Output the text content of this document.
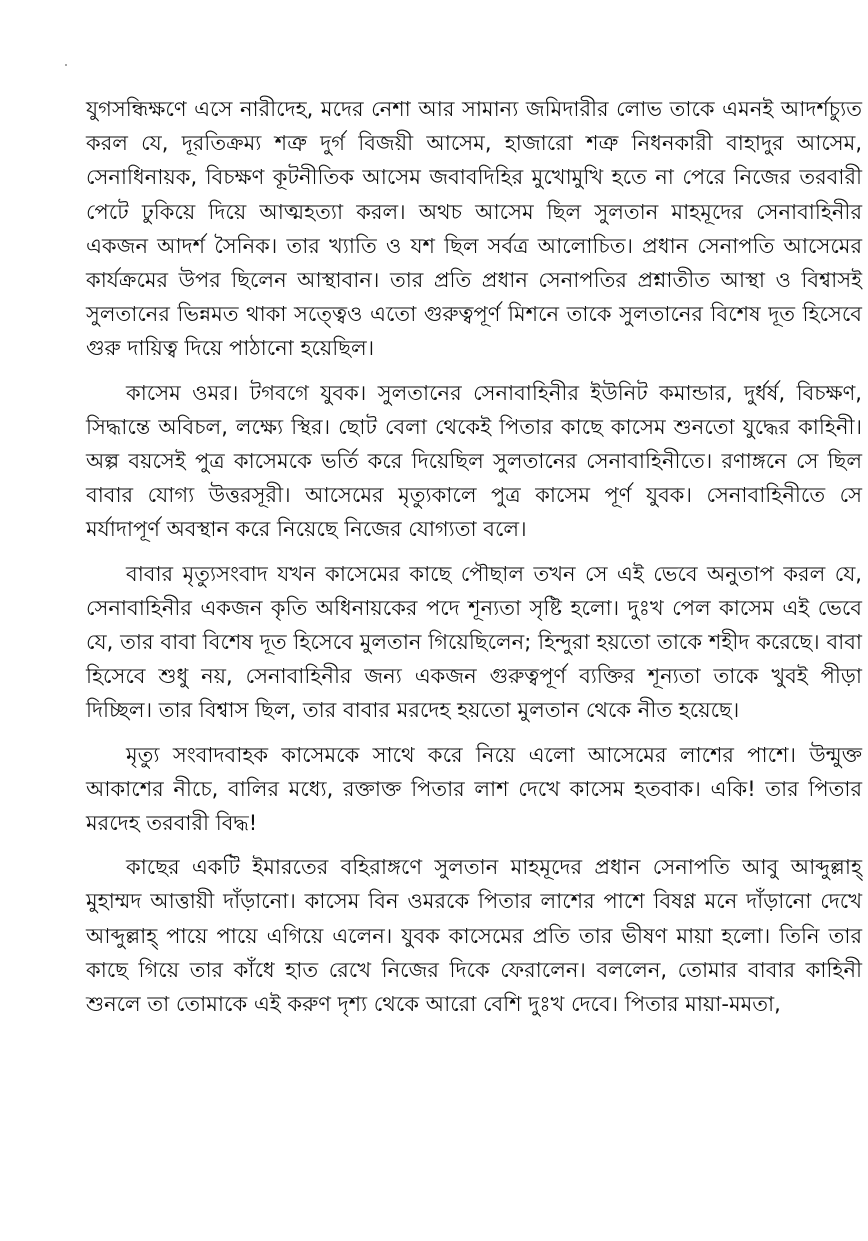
যুগসন্ধিক্ষণে এসে নারীদেহ, মদের নেশা আর সামান্য জমিদারীর লোভ তাকে এমনই আদর্শচ্যুত করল যে, দূরতিক্রম্য শত্রু দুর্গ বিজয়ী আসেম, হাজারো শত্রু নিধনকারী বাহাদুর আসেম, সেনাধিনায়ক, বিচক্ষণ কূটনীতিক আসেম জবাবদিহির মুখোমুখি হতে না পেরে নিজের তরবারী পেটে ঢুকিয়ে দিয়ে আত্মহত্যা করল। অথচ আসেম ছিল সুলতান মাহমূদের সেনাবাহিনীর একজন আদর্শ সৈনিক। তার খ্যাতি ও যশ ছিল সর্বত্র আলোচিত। প্রধান সেনাপতি আসেমের কার্যক্রমের উপর ছিলেন আস্থাবান। তার প্রতি প্রধান সেনাপতির প্রশ্নাতীত আস্থা ও বিশ্বাসই সুলতানের ভিন্নমত থাকা সত্ত্বেও এতো গুরুত্বপূর্ণ মিশনে তাকে সুলতানের বিশেষ দূত হিসেবে গুরু দায়িত্ব দিয়ে পাঠানো হয়েছিল।

কাসেম ওমর। টগবগে যুবক। সুলতানের সেনাবাহিনীর ইউনিট কমান্ডার, দুর্ধর্ষ, বিচক্ষণ, সিদ্ধান্তে অবিচল, লক্ষ্যে স্থির। ছোট বেলা থেকেই পিতার কাছে কাসেম শুনতো যুদ্ধের কাহিনী। অল্প বয়সেই পুত্র কাসেমকে ভর্তি করে দিয়েছিল সুলতানের সেনাবাহিনীতে। রণাঙ্গনে সে ছিল বাবার যোগ্য উত্তরসূরী। আসেমের মৃত্যুকালে পুত্র কাসেম পূর্ণ যুবক। সেনাবাহিনীতে সে মর্যাদাপূর্ণ অবস্থান করে নিয়েছে নিজের যোগ্যতা বলে।

বাবার মৃত্যুসংবাদ যখন কাসেমের কাছে পৌছাল তখন সে এই ভেবে অনুতাপ করল যে, সেনাবাহিনীর একজন কৃতি অধিনায়কের পদে শূন্যতা সৃষ্টি হলো। দুঃখ পেল কাসেম এই ভেবে যে, তার বাবা বিশেষ দূত হিসেবে মুলতান গিয়েছিলেন; হিন্দুরা হয়তো তাকে শহীদ করেছে। বাবা হিসেবে শুধু নয়, সেনাবাহিনীর জন্য একজন গুরুত্বপূর্ণ ব্যক্তির শূন্যতা তাকে খুবই পীড়া দিচ্ছিল। তার বিশ্বাস ছিল, তার বাবার মরদেহ হয়তো মুলতান থেকে নীত হয়েছে।

মৃত্যু সংবাদবাহক কাসেমকে সাথে করে নিয়ে এলো আসেমের লাশের পাশে। উন্মুক্ত আকাশের নীচে, বালির মধ্যে, রক্তাক্ত পিতার লাশ দেখে কাসেম হতবাক। একি! তার পিতার মরদেহ তরবারী বিদ্ধ!

কাছের একটি ইমারতের বহিরাঙ্গণে সুলতান মাহমূদের প্রধান সেনাপতি আবু আব্দুল্লাহ্ মুহাম্মদ আত্তায়ী দাঁড়ানো। কাসেম বিন ওমরকে পিতার লাশের পাশে বিষণ্ণ মনে দাঁড়ানো দেখে আব্দুল্লাহ্ পায়ে পায়ে এগিয়ে এলেন। যুবক কাসেমের প্রতি তার ভীষণ মায়া হলো। তিনি তার কাছে গিয়ে তার কাঁধে হাত রেখে নিজের দিকে ফেরালেন। বললেন, তোমার বাবার কাহিনী শুনলে তা তোমাকে এই করুণ দৃশ্য থেকে আরো বেশি দুঃখ দেবে। পিতার মায়া-মমতা,
